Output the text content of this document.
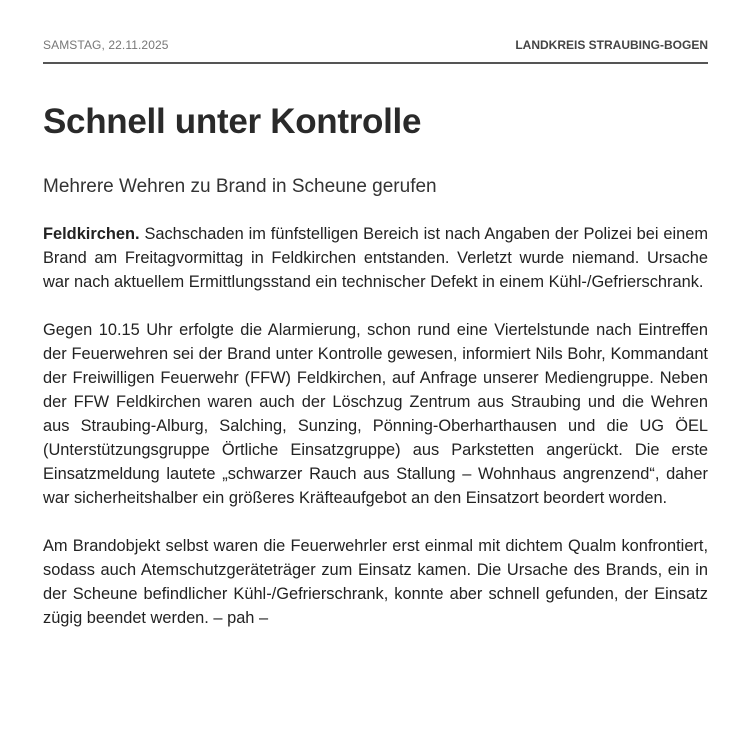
SAMSTAG, 22.11.2025	LANDKREIS STRAUBING-BOGEN
Schnell unter Kontrolle
Mehrere Wehren zu Brand in Scheune gerufen

Feldkirchen. Sachschaden im fünfstelligen Bereich ist nach Angaben der Polizei bei einem Brand am Freitagvormittag in Feldkirchen entstanden. Verletzt wurde niemand. Ursache war nach aktuellem Ermittlungsstand ein technischer Defekt in einem Kühl-/Gefrierschrank.

Gegen 10.15 Uhr erfolgte die Alarmierung, schon rund eine Viertelstunde nach Eintreffen der Feuerwehren sei der Brand unter Kontrolle gewesen, informiert Nils Bohr, Kommandant der Freiwilligen Feuerwehr (FFW) Feldkirchen, auf Anfrage unserer Mediengruppe. Neben der FFW Feldkirchen waren auch der Löschzug Zentrum aus Straubing und die Wehren aus Straubing-Alburg, Salching, Sunzing, Pönning-Oberharthausen und die UG ÖEL (Unterstützungsgruppe Örtliche Einsatzgruppe) aus Parkstetten angerückt. Die erste Einsatzmeldung lautete „schwarzer Rauch aus Stallung – Wohnhaus angrenzend“, daher war sicherheitshalber ein größeres Kräfteaufgebot an den Einsatzort beordert worden.

Am Brandobjekt selbst waren die Feuerwehrler erst einmal mit dichtem Qualm konfrontiert, sodass auch Atemschutzgeräteträger zum Einsatz kamen. Die Ursache des Brands, ein in der Scheune befindlicher Kühl-/Gefrierschrank, konnte aber schnell gefunden, der Einsatz zügig beendet werden. – pah –
